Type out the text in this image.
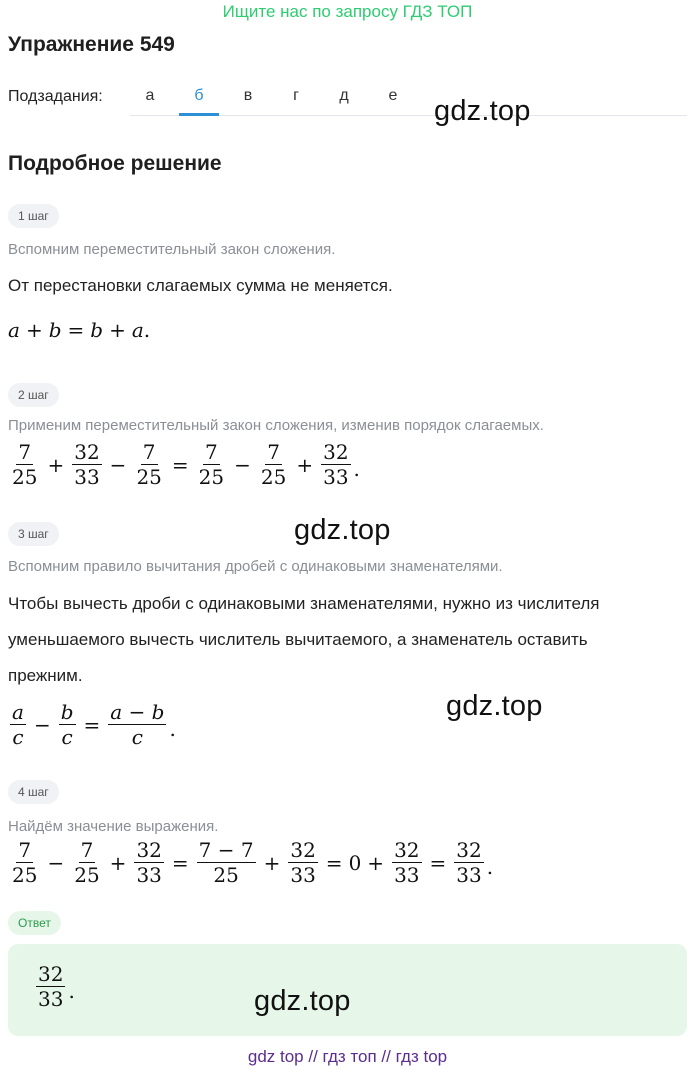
Ищите нас по запросу ГДЗ ТОП
Упражнение 549
Подзадания:	а	б	в	г	д	е	gdz.top
Подробное решение
1 шаг
Вспомним переместительный закон сложения.
От перестановки слагаемых сумма не меняется.
a + b = b + a .
2 шаг
Применим переместительный закон сложения, изменив порядок слагаемых.
$\frac{7}{25} + \frac{32}{33} - \frac{7}{25} = \frac{7}{25} - \frac{7}{25} + \frac{32}{33}$ .
gdz.top
3 шаг
Вспомним правило вычитания дробей с одинаковыми знаменателями.
Чтобы вычесть дроби с одинаковыми знаменателями, нужно из числителя
уменьшаемого вычесть числитель вычитаемого, а знаменатель оставить
прежним.
$\frac{a}{c} - \frac{b}{c} = \frac{a - b}{c}$ .
gdz.top
4 шаг
Найдём значение выражения.
$\frac{7}{25} - \frac{7}{25} + \frac{32}{33} = \frac{7 - 7}{25} + \frac{32}{33} = 0 + \frac{32}{33} = \frac{32}{33}$ .
Ответ
$\frac{32}{33}$ .	gdz.top
gdz top // гдз топ // гдз top
